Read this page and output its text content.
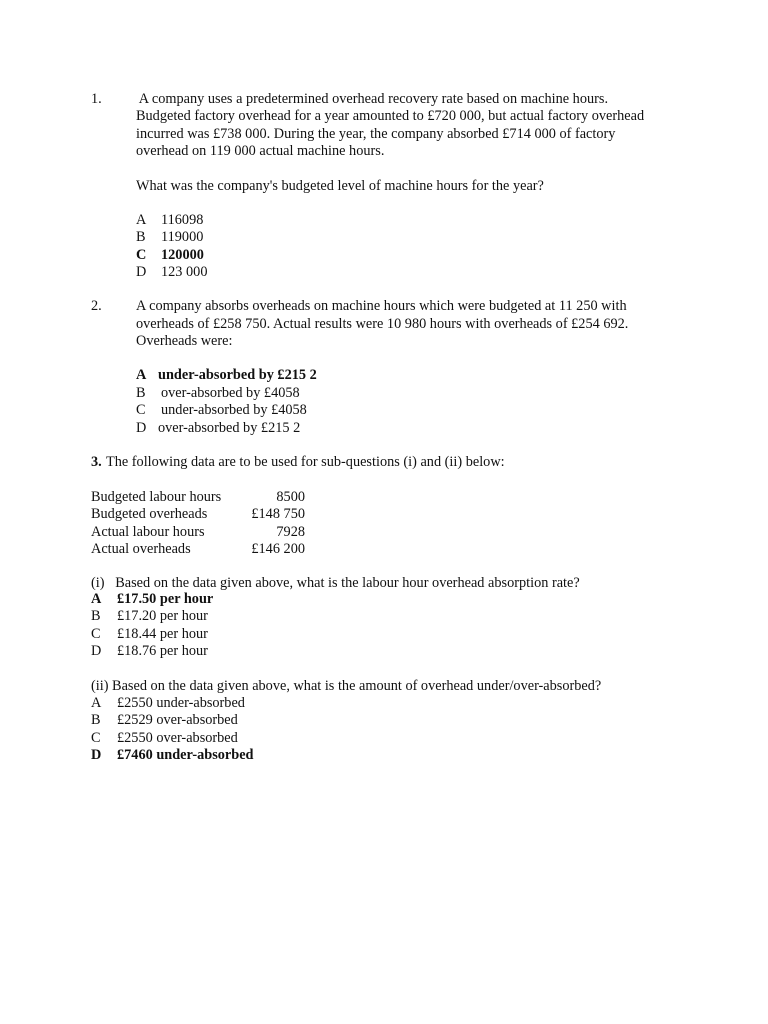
1. A company uses a predetermined overhead recovery rate based on machine hours.
Budgeted factory overhead for a year amounted to £720 000, but actual factory overhead
incurred was £738 000. During the year, the company absorbed £714 000 of factory
overhead on 119 000 actual machine hours.
What was the company's budgeted level of machine hours for the year?
A 116098
B 119000
C 120000
D 123 000
2. A company absorbs overheads on machine hours which were budgeted at 11 250 with
overheads of £258 750. Actual results were 10 980 hours with overheads of £254 692.
Overheads were:
A under-absorbed by £215 2
B over-absorbed by £4058
C under-absorbed by £4058
D over-absorbed by £215 2
3. The following data are to be used for sub-questions (i) and (ii) below:
Budgeted labour hours	8500
Budgeted overheads	£148 750
Actual labour hours	7928
Actual overheads	£146 200
(i)   Based on the data given above, what is the labour hour overhead absorption rate?
A £17.50 per hour
B £17.20 per hour
C £18.44 per hour
D £18.76 per hour
(ii) Based on the data given above, what is the amount of overhead under/over-absorbed?
A £2550 under-absorbed
B £2529 over-absorbed
C £2550 over-absorbed
D £7460 under-absorbed
